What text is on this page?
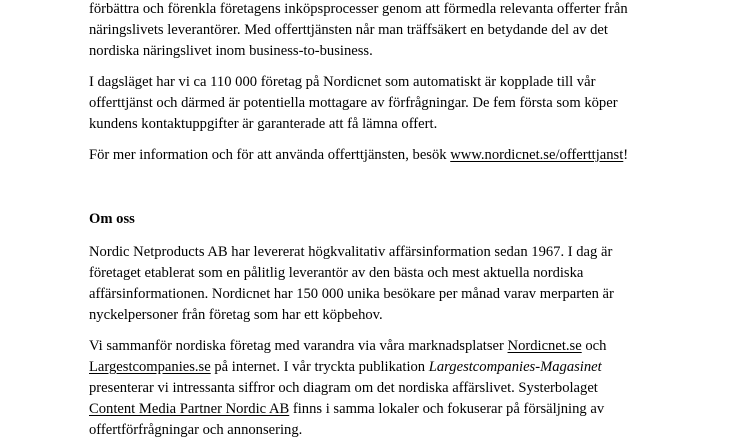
förbättra och förenkla företagens inköpsprocesser genom att förmedla relevanta offerter från
näringslivets leverantörer. Med offerttjänsten når man träffsäkert en betydande del av det
nordiska näringslivet inom business-to-business.
I dagsläget har vi ca 110 000 företag på Nordicnet som automatiskt är kopplade till vår
offerttjänst och därmed är potentiella mottagare av förfrågningar. De fem första som köper
kundens kontaktuppgifter är garanterade att få lämna offert.
För mer information och för att använda offerttjänsten, besök www.nordicnet.se/offerttjanst!
Om oss
Nordic Netproducts AB har levererat högkvalitativ affärsinformation sedan 1967. I dag är
företaget etablerat som en pålitlig leverantör av den bästa och mest aktuella nordiska
affärsinformationen. Nordicnet har 150 000 unika besökare per månad varav merparten är
nyckelpersoner från företag som har ett köpbehov.
Vi sammanför nordiska företag med varandra via våra marknadsplatser Nordicnet.se och
Largestcompanies.se på internet. I vår tryckta publikation Largestcompanies-Magasinet
presenterar vi intressanta siffror och diagram om det nordiska affärslivet. Systerbolaget
Content Media Partner Nordic AB finns i samma lokaler och fokuserar på försäljning av
offertförfrågningar och annonsering.
